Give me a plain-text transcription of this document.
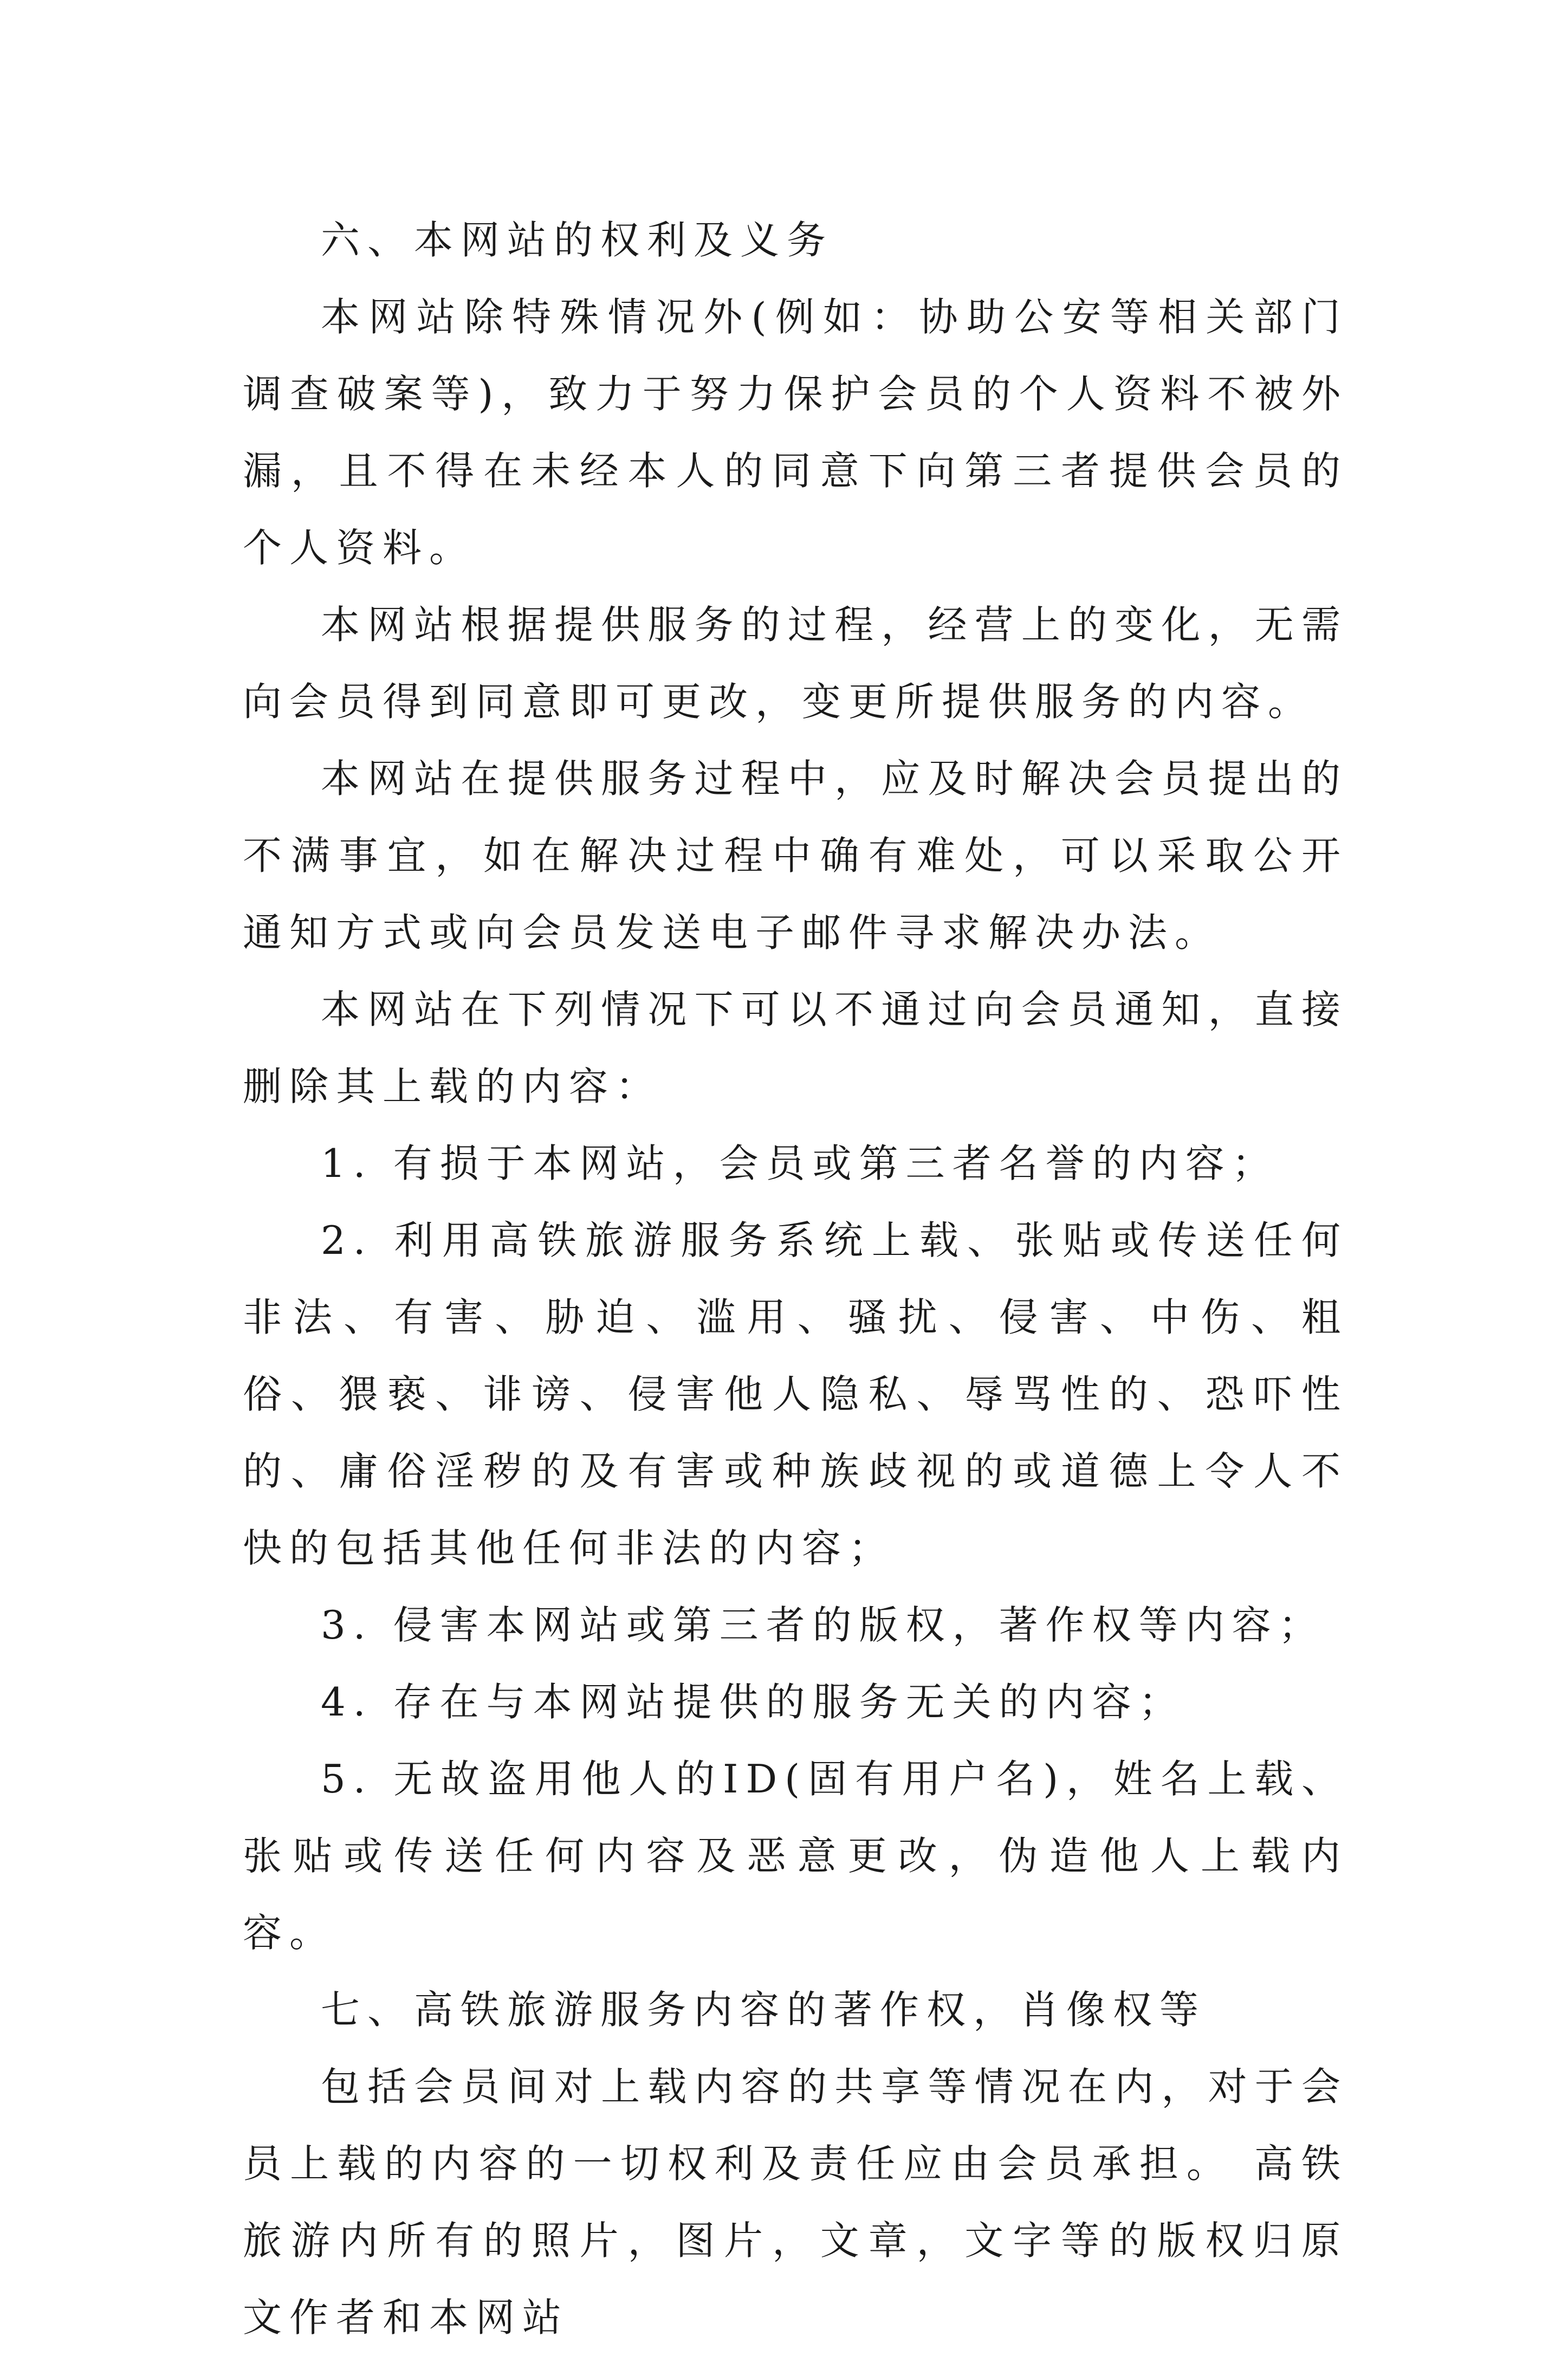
六、本网站的权利及义务

本网站除特殊情况外(例如：协助公安等相关部门调查破案等)，致力于努力保护会员的个人资料不被外漏，且不得在未经本人的同意下向第三者提供会员的个人资料。

本网站根据提供服务的过程，经营上的变化，无需向会员得到同意即可更改，变更所提供服务的内容。

本网站在提供服务过程中，应及时解决会员提出的不满事宜，如在解决过程中确有难处，可以采取公开通知方式或向会员发送电子邮件寻求解决办法。

本网站在下列情况下可以不通过向会员通知，直接删除其上载的内容：

1. 有损于本网站，会员或第三者名誉的内容；

2. 利用高铁旅游服务系统上载、张贴或传送任何非法、有害、胁迫、滥用、骚扰、侵害、中伤、粗俗、猥亵、诽谤、侵害他人隐私、辱骂性的、恐吓性的、庸俗淫秽的及有害或种族歧视的或道德上令人不快的包括其他任何非法的内容；

3. 侵害本网站或第三者的版权，著作权等内容；

4. 存在与本网站提供的服务无关的内容；

5. 无故盗用他人的ID(固有用户名)，姓名上载、张贴或传送任何内容及恶意更改，伪造他人上载内容。

七、高铁旅游服务内容的著作权，肖像权等

包括会员间对上载内容的共享等情况在内，对于会员上载的内容的一切权利及责任应由会员承担。 高铁旅游内所有的照片，图片，文章，文字等的版权归原文作者和本网站
